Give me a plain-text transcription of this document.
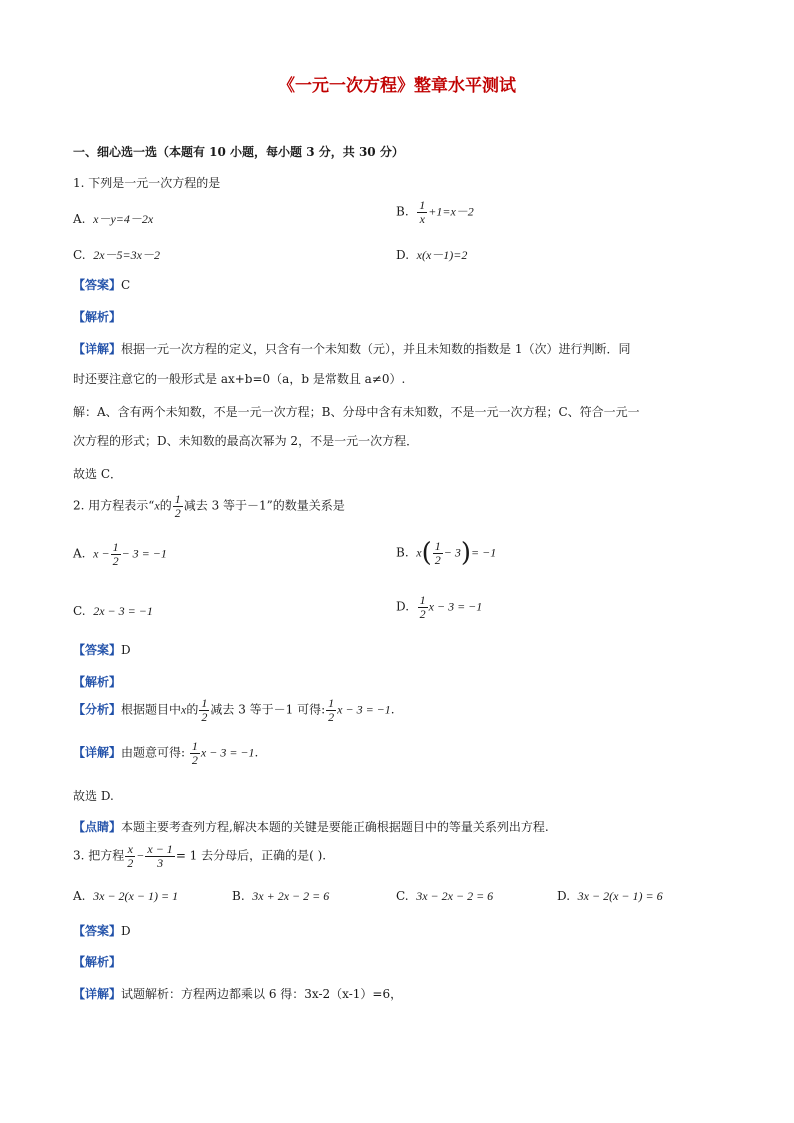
《一元一次方程》整章水平测试
一、细心选一选（本题有 10 小题，每小题 3 分，共 30 分）
1. 下列是一元一次方程的是
A. x－y=4－2x
B. $\frac{1}{x} +1=x-2$
C. 2x－5=3x－2	D. x(x－1)=2
【答案】C
【解析】
【详解】根据一元一次方程的定义，只含有一个未知数（元），并且未知数的指数是 1（次）进行判断．同
时还要注意它的一般形式是 ax+b=0（a，b 是常数且 a≠0）.
解：A、含有两个未知数，不是一元一次方程；B、分母中含有未知数，不是一元一次方程；C、符合一元一
次方程的形式；D、未知数的最高次幂为 2，不是一元一次方程．
故选 C．
2. 用方程表示“x的 $\frac{1}{2}$ 减去 3 等于－1”的数量关系是
A. $x - \frac{1}{2} - 3 = -1$	B. $x( \frac{1}{2} - 3)= -1$
C. 2x − 3 = −1	D. $\frac{1}{2}$ x − 3 = −1
【答案】D
【解析】
【分析】根据题目中x的 $\frac{1}{2}$ 减去 3 等于－1 可得: $\frac{1}{2}$ x − 3 = −1.
【详解】由题意可得: $\frac{1}{2}$ x − 3 = −1.
故选 D.
【点睛】本题主要考查列方程,解决本题的关键是要能正确根据题目中的等量关系列出方程.
3. 把方程 $\frac{x}{2} - \frac{x - 1}{3} = 1$ 去分母后，正确的是( ).
A. 3x − 2(x − 1) = 1	B. 3x + 2x − 2 = 6	C. 3x − 2x − 2 = 6	D. 3x − 2(x − 1) = 6
【答案】D
【解析】
【详解】试题解析：方程两边都乘以 6 得：3x-2（x-1）=6，
